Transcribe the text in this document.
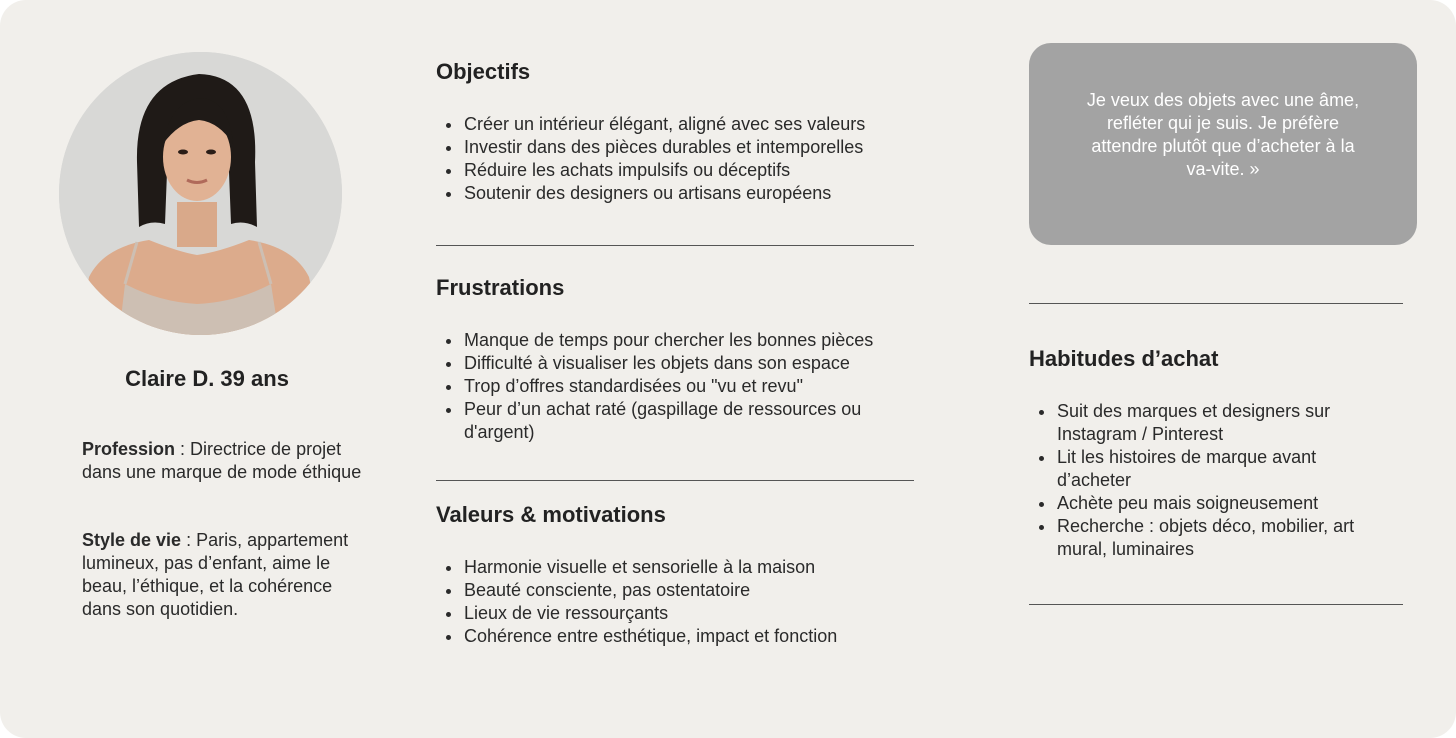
Claire D. 39 ans

Profession : Directrice de projet dans une marque de mode éthique

Style de vie : Paris, appartement lumineux, pas d’enfant, aime le beau, l’éthique, et la cohérence dans son quotidien.

Objectifs
Créer un intérieur élégant, aligné avec ses valeurs
Investir dans des pièces durables et intemporelles
Réduire les achats impulsifs ou déceptifs
Soutenir des designers ou artisans européens
Frustrations
Manque de temps pour chercher les bonnes pièces
Difficulté à visualiser les objets dans son espace
Trop d’offres standardisées ou "vu et revu"
Peur d’un achat raté (gaspillage de ressources ou d'argent)
Valeurs & motivations
Harmonie visuelle et sensorielle à la maison
Beauté consciente, pas ostentatoire
Lieux de vie ressourçants
Cohérence entre esthétique, impact et fonction
Je veux des objets avec une âme, refléter qui je suis. Je préfère attendre plutôt que d’acheter à la va-vite. »
Habitudes d’achat
Suit des marques et designers sur Instagram / Pinterest
Lit les histoires de marque avant d’acheter
Achète peu mais soigneusement
Recherche : objets déco, mobilier, art mural, luminaires
